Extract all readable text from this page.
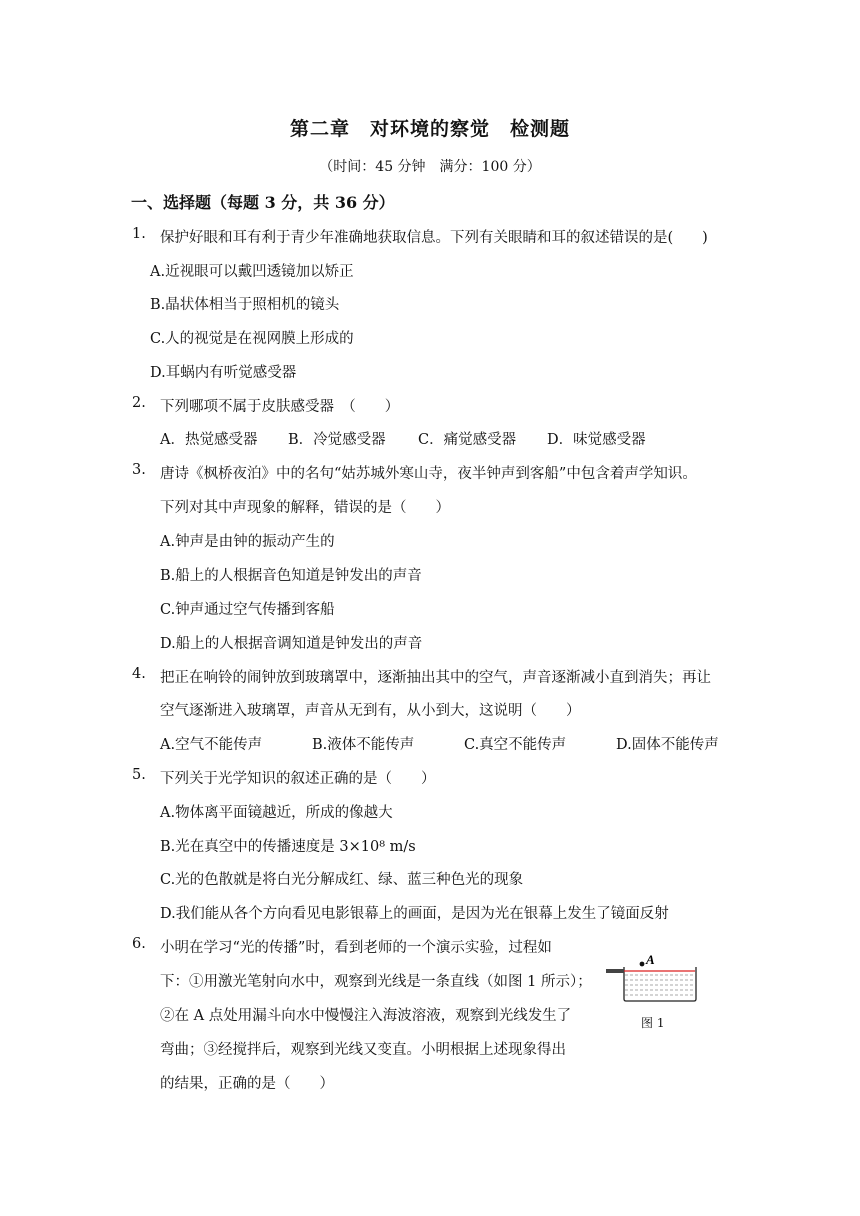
第二章　对环境的察觉　检测题
（时间：45 分钟　满分：100 分）
一、选择题（每题 3 分，共 36 分）
1. 保护好眼和耳有利于青少年准确地获取信息。下列有关眼睛和耳的叙述错误的是(　　)
A.近视眼可以戴凹透镜加以矫正
B.晶状体相当于照相机的镜头
C.人的视觉是在视网膜上形成的
D.耳蜗内有听觉感受器
2. 下列哪项不属于皮肤感受器　（　　）
A．热觉感受器 B．冷觉感受器 C．痛觉感受器 D．味觉感受器
3. 唐诗《枫桥夜泊》中的名句“姑苏城外寒山寺，夜半钟声到客船”中包含着声学知识。
下列对其中声现象的解释，错误的是（　　）
A.钟声是由钟的振动产生的
B.船上的人根据音色知道是钟发出的声音
C.钟声通过空气传播到客船
D.船上的人根据音调知道是钟发出的声音
4. 把正在响铃的闹钟放到玻璃罩中，逐渐抽出其中的空气，声音逐渐减小直到消失；再让
空气逐渐进入玻璃罩，声音从无到有，从小到大，这说明（　　）
A.空气不能传声	B.液体不能传声	C.真空不能传声	D.固体不能传声
5. 下列关于光学知识的叙述正确的是（　　）
A.物体离平面镜越近，所成的像越大
B.光在真空中的传播速度是 3×10⁸ m/s
C.光的色散就是将白光分解成红、绿、蓝三种色光的现象
D.我们能从各个方向看见电影银幕上的画面，是因为光在银幕上发生了镜面反射
6. 小明在学习“光的传播”时，看到老师的一个演示实验，过程如
下：①用激光笔射向水中，观察到光线是一条直线（如图 1 所示）；
②在 A 点处用漏斗向水中慢慢注入海波溶液，观察到光线发生了
弯曲；③经搅拌后，观察到光线又变直。小明根据上述现象得出
的结果，正确的是（　　）
A
图 1
